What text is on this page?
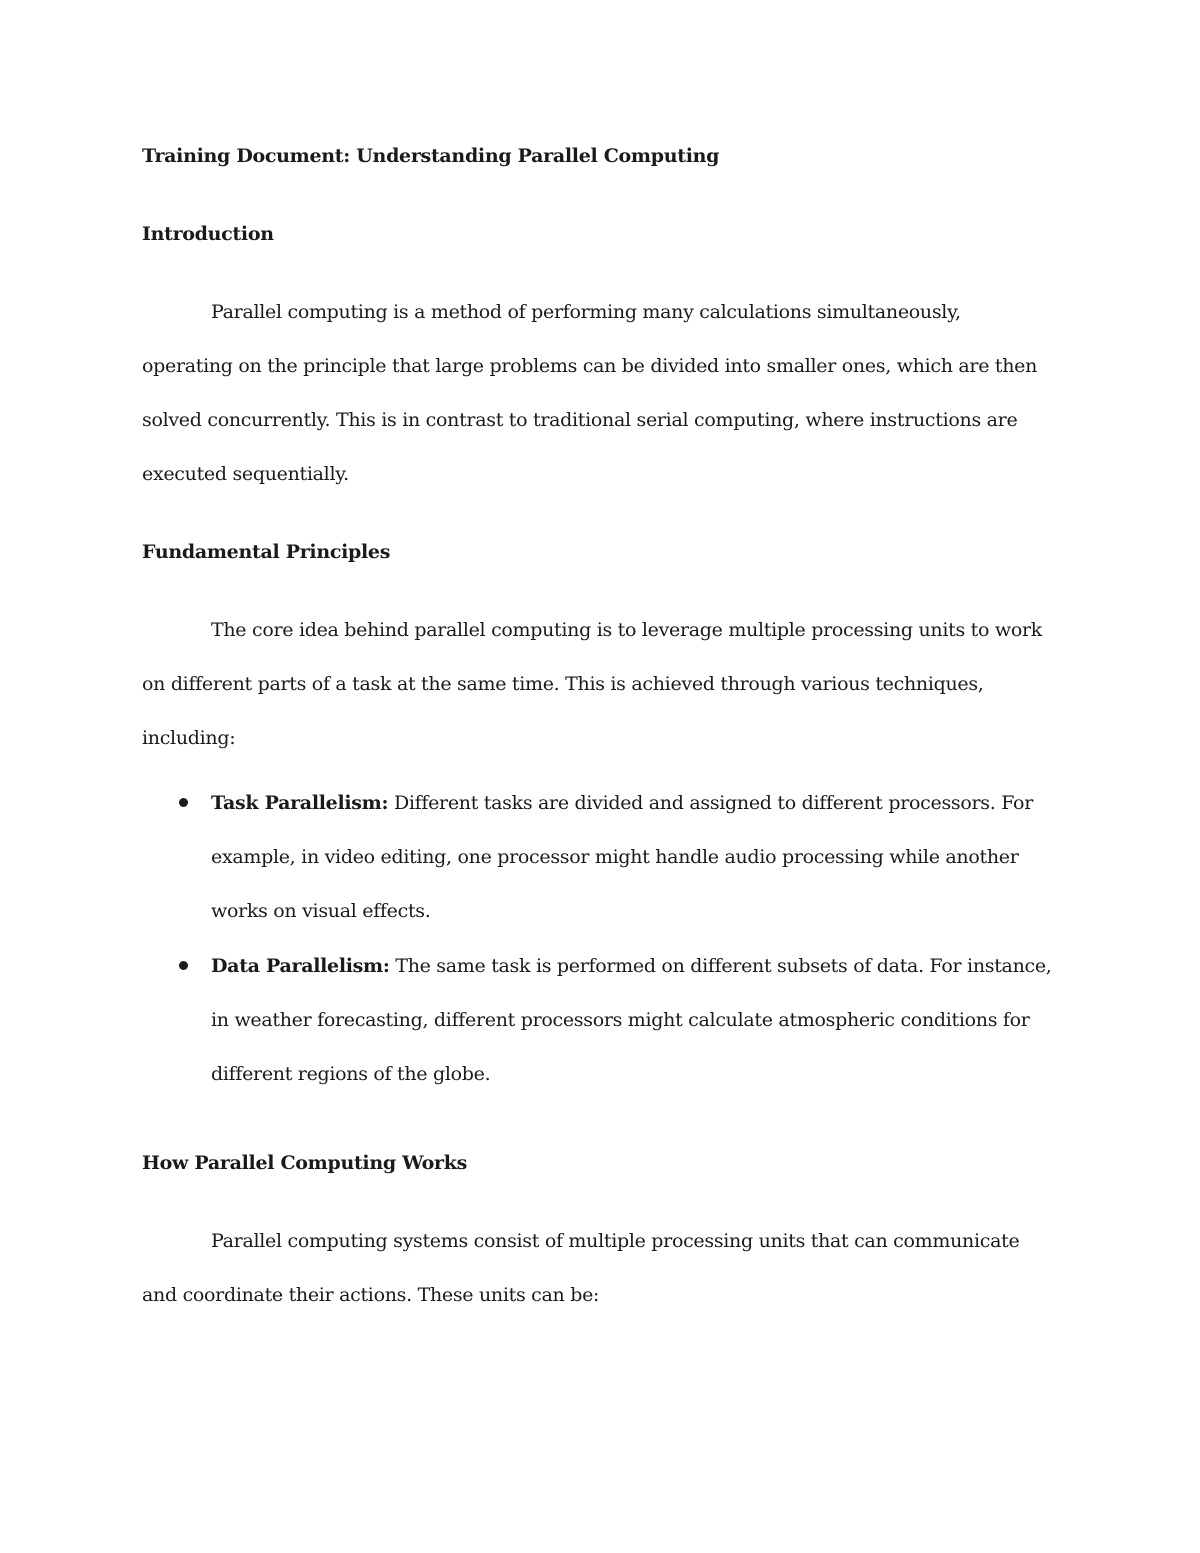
Training Document: Understanding Parallel Computing
Introduction
Parallel computing is a method of performing many calculations simultaneously,
operating on the principle that large problems can be divided into smaller ones, which are then
solved concurrently. This is in contrast to traditional serial computing, where instructions are
executed sequentially.
Fundamental Principles
The core idea behind parallel computing is to leverage multiple processing units to work
on different parts of a task at the same time. This is achieved through various techniques,
including:
Task Parallelism: Different tasks are divided and assigned to different processors. For
example, in video editing, one processor might handle audio processing while another
works on visual effects.
Data Parallelism: The same task is performed on different subsets of data. For instance,
in weather forecasting, different processors might calculate atmospheric conditions for
different regions of the globe.
How Parallel Computing Works
Parallel computing systems consist of multiple processing units that can communicate
and coordinate their actions. These units can be:
